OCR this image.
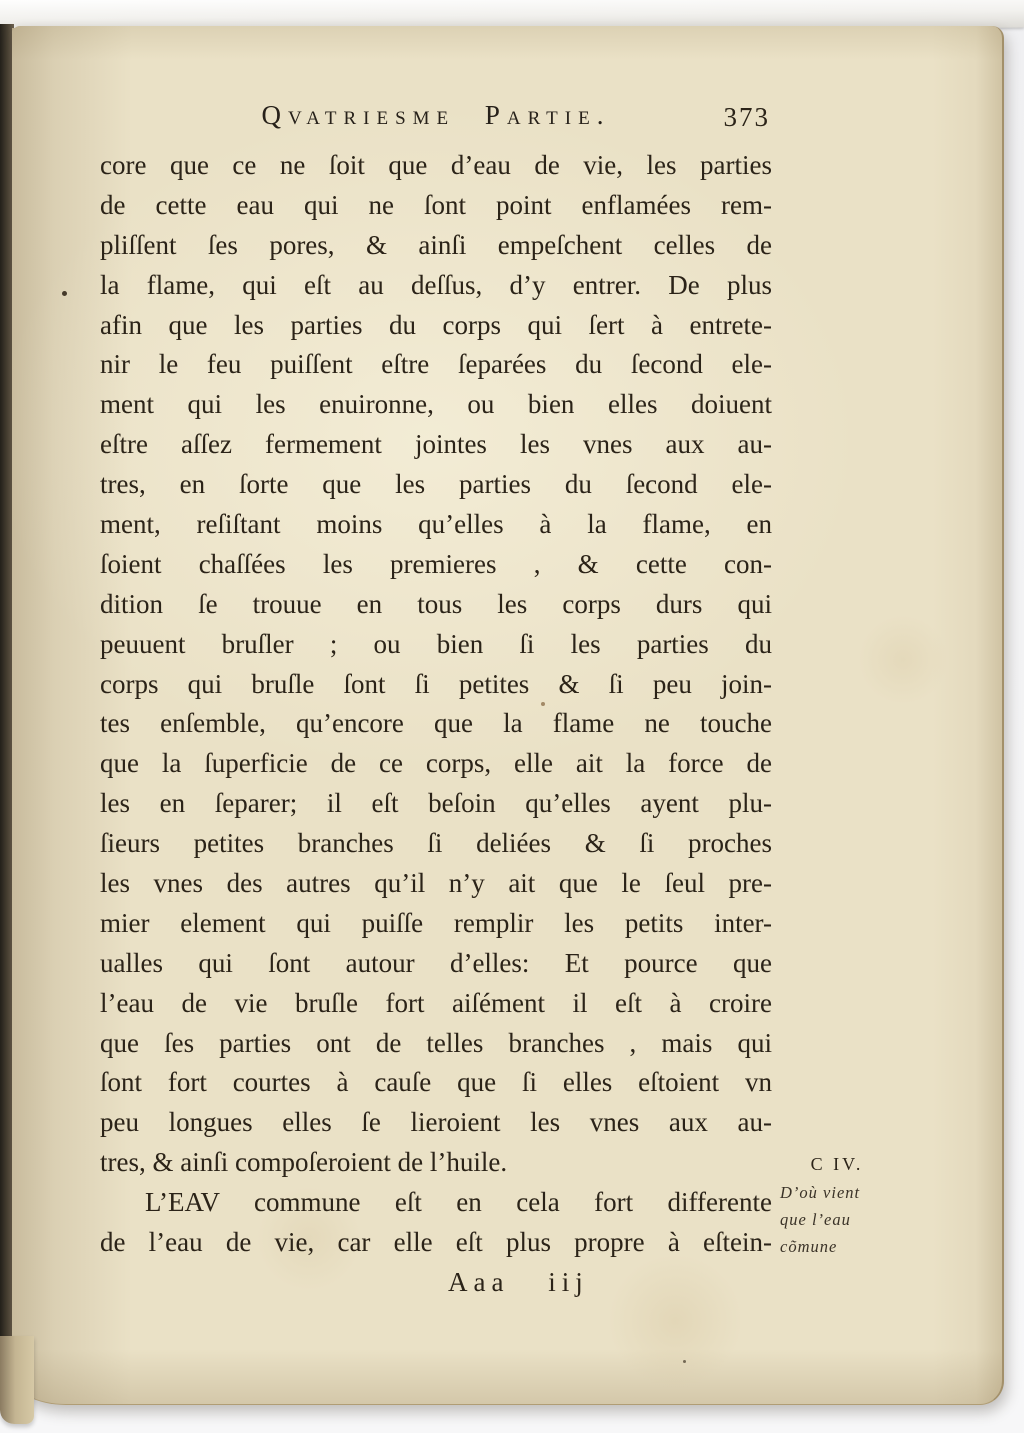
Qvatriesme Partie.	373
core que ce ne ſoit que d’eau de vie, les parties
de cette eau qui ne ſont point enflamées rem-
pliſſent ſes pores, & ainſi empeſchent celles de
la flame, qui eſt au deſſus, d’y entrer. De plus
afin que les parties du corps qui ſert à entrete-
nir le feu puiſſent eſtre ſeparées du ſecond ele-
ment qui les enuironne, ou bien elles doiuent
eſtre aſſez fermement jointes les vnes aux au-
tres, en ſorte que les parties du ſecond ele-
ment, reſiſtant moins qu’elles à la flame, en
ſoient chaſſées les premieres , & cette con-
dition ſe trouue en tous les corps durs qui
peuuent bruſler ; ou bien ſi les parties du
corps qui bruſle ſont ſi petites & ſi peu join-
tes enſemble, qu’encore que la flame ne touche
que la ſuperficie de ce corps, elle ait la force de
les en ſeparer; il eſt beſoin qu’elles ayent plu-
ſieurs petites branches ſi deliées & ſi proches
les vnes des autres qu’il n’y ait que le ſeul pre-
mier element qui puiſſe remplir les petits inter-
ualles qui ſont autour d’elles: Et pource que
l’eau de vie bruſle fort aiſément il eſt à croire
que ſes parties ont de telles branches , mais qui
ſont fort courtes à cauſe que ſi elles eſtoient vn
peu longues elles ſe lieroient les vnes aux au-
tres, & ainſi compoſeroient de l’huile.
L’EAV commune eſt en cela fort differente
de l’eau de vie, car elle eſt plus propre à eſtein-
Aaa iij
C IV.
D’où vient
que l’eau
cõmune
